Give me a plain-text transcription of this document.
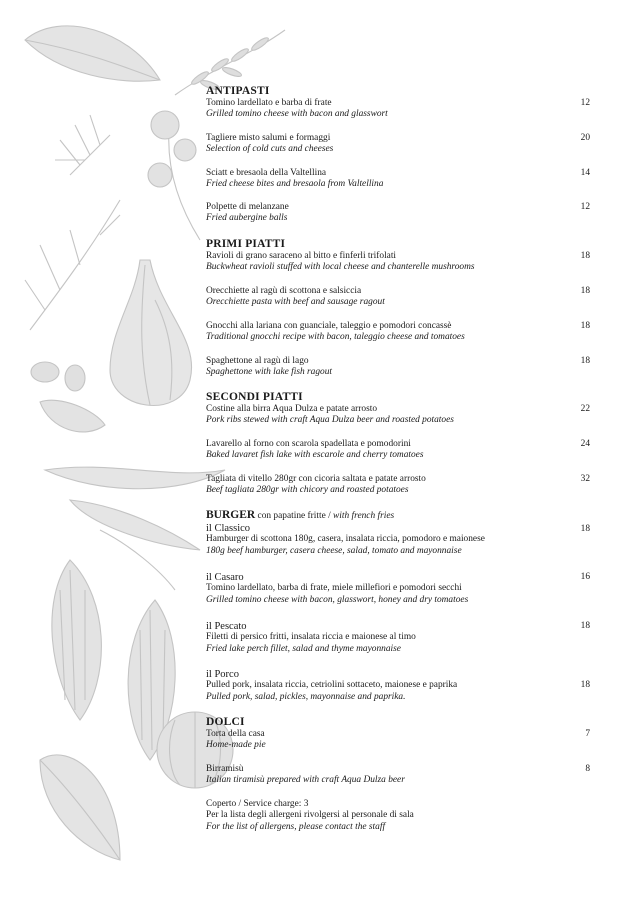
ANTIPASTI
Tomino lardellato e barba di frate
Grilled tomino cheese with bacon and glasswort
12
Tagliere misto salumi e formaggi
Selection of cold cuts and cheeses
20
Sciatt e bresaola della Valtellina
Fried cheese bites and bresaola from Valtellina
14
Polpette di melanzane
Fried aubergine balls
12
PRIMI PIATTI
Ravioli di grano saraceno al bitto e finferli trifolati
Buckwheat ravioli stuffed with local cheese and chanterelle mushrooms
18
Orecchiette al ragù di scottona e salsiccia
Orecchiette pasta with beef and sausage ragout
18
Gnocchi alla lariana con guanciale, taleggio e pomodori concassè
Traditional gnocchi recipe with bacon, taleggio cheese and tomatoes
18
Spaghettone al ragù di lago
Spaghettone with lake fish ragout
18
SECONDI PIATTI
Costine alla birra Aqua Dulza e patate arrosto
Pork ribs stewed with craft Aqua Dulza beer and roasted potatoes
22
Lavarello al forno con scarola spadellata e pomodorini
Baked lavaret fish lake with escarole and cherry tomatoes
24
Tagliata di vitello 280gr con cicoria saltata e patate arrosto
Beef tagliata 280gr with chicory and roasted potatoes
32
BURGER con papatine fritte / with french fries
il Classico
Hamburger di scottona 180g, casera, insalata riccia, pomodoro e maionese
180g beef hamburger, casera cheese, salad, tomato and mayonnaise
18
il Casaro
Tomino lardellato, barba di frate, miele millefiori e pomodori secchi
Grilled tomino cheese with bacon, glasswort, honey and dry tomatoes
16
il Pescato
Filetti di persico fritti, insalata riccia e maionese al timo
Fried lake perch fillet, salad and thyme mayonnaise
18
il Porco
Pulled pork, insalata riccia, cetriolini sottaceto, maionese e paprika
Pulled pork, salad, pickles, mayonnaise and paprika.
18
DOLCI
Torta della casa
Home-made pie
7
Birramisù
Italian tiramisù prepared with craft Aqua Dulza beer
8
Coperto / Service charge: 3
Per la lista degli allergeni rivolgersi al personale di sala
For the list of allergens, please contact the staff
